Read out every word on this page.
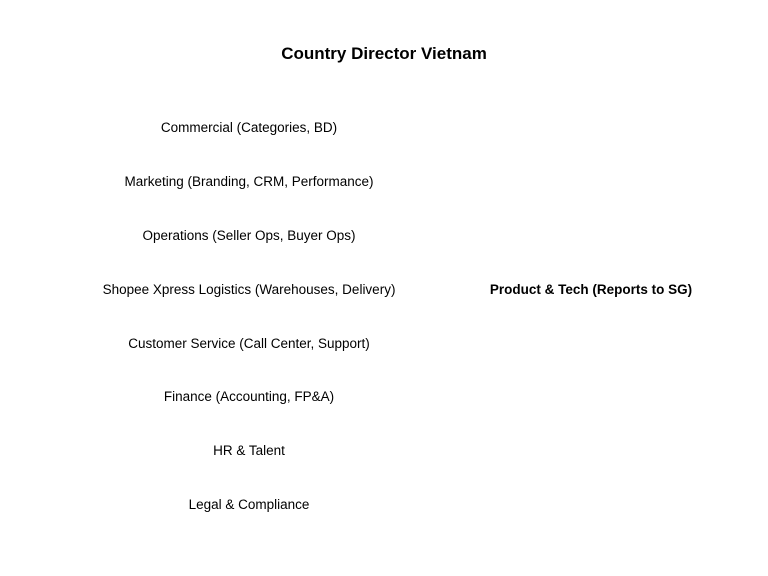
Country Director Vietnam
Commercial (Categories, BD)
Marketing (Branding, CRM, Performance)
Operations (Seller Ops, Buyer Ops)
Shopee Xpress Logistics (Warehouses, Delivery)
Customer Service (Call Center, Support)
Finance (Accounting, FP&A)
HR & Talent
Legal & Compliance
Product & Tech (Reports to SG)
